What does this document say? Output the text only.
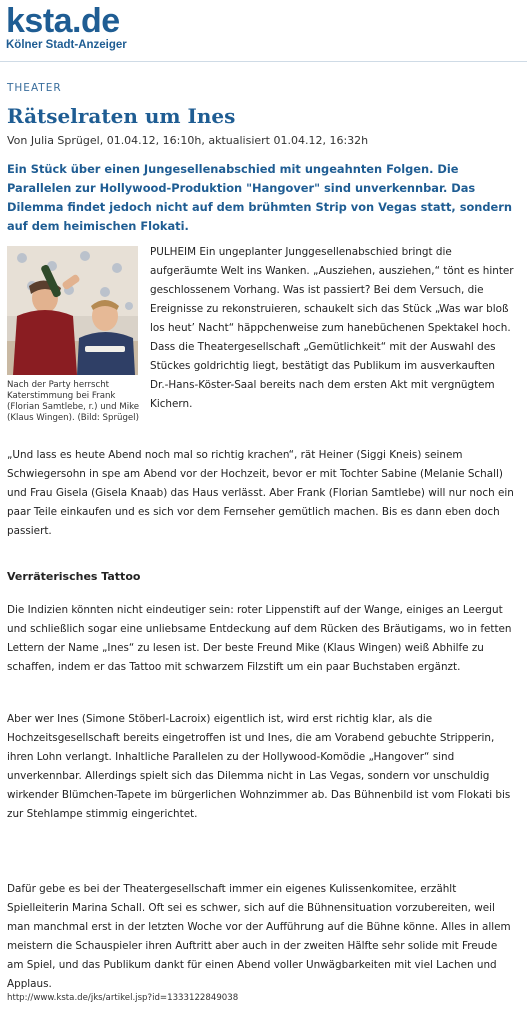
ksta.de
Kölner Stadt-Anzeiger
THEATER
Rätselraten um Ines
Von Julia Sprügel, 01.04.12, 16:10h, aktualisiert 01.04.12, 16:32h

Ein Stück über einen Jungesellenabschied mit ungeahnten Folgen. Die Parallelen zur Hollywood-Produktion "Hangover" sind unverkennbar. Das Dilemma findet jedoch nicht auf dem brühmten Strip von Vegas statt, sondern auf dem heimischen Flokati.

Nach der Party herrscht Katerstimmung bei Frank (Florian Samtlebe, r.) und Mike (Klaus Wingen). (Bild: Sprügel)

PULHEIM Ein ungeplanter Junggesellenabschied bringt die aufgeräumte Welt ins Wanken. „Ausziehen, ausziehen,“ tönt es hinter geschlossenem Vorhang. Was ist passiert? Bei dem Versuch, die Ereignisse zu rekonstruieren, schaukelt sich das Stück „Was war bloß los heut’ Nacht“ häppchenweise zum hanebüchenen Spektakel hoch. Dass die Theatergesellschaft „Gemütlichkeit“ mit der Auswahl des Stückes goldrichtig liegt, bestätigt das Publikum im ausverkauften Dr.-Hans-Köster-Saal bereits nach dem ersten Akt mit vergnügtem Kichern.

„Und lass es heute Abend noch mal so richtig krachen“, rät Heiner (Siggi Kneis) seinem Schwiegersohn in spe am Abend vor der Hochzeit, bevor er mit Tochter Sabine (Melanie Schall) und Frau Gisela (Gisela Knaab) das Haus verlässt. Aber Frank (Florian Samtlebe) will nur noch ein paar Teile einkaufen und es sich vor dem Fernseher gemütlich machen. Bis es dann eben doch passiert.

Verräterisches Tattoo

Die Indizien könnten nicht eindeutiger sein: roter Lippenstift auf der Wange, einiges an Leergut und schließlich sogar eine unliebsame Entdeckung auf dem Rücken des Bräutigams, wo in fetten Lettern der Name „Ines“ zu lesen ist. Der beste Freund Mike (Klaus Wingen) weiß Abhilfe zu schaffen, indem er das Tattoo mit schwarzem Filzstift um ein paar Buchstaben ergänzt.

Aber wer Ines (Simone Stöberl-Lacroix) eigentlich ist, wird erst richtig klar, als die Hochzeitsgesellschaft bereits eingetroffen ist und Ines, die am Vorabend gebuchte Stripperin, ihren Lohn verlangt. Inhaltliche Parallelen zu der Hollywood-Komödie „Hangover“ sind unverkennbar. Allerdings spielt sich das Dilemma nicht in Las Vegas, sondern vor unschuldig wirkender Blümchen-Tapete im bürgerlichen Wohnzimmer ab. Das Bühnenbild ist vom Flokati bis zur Stehlampe stimmig eingerichtet.

Dafür gebe es bei der Theatergesellschaft immer ein eigenes Kulissenkomitee, erzählt Spielleiterin Marina Schall. Oft sei es schwer, sich auf die Bühnensituation vorzubereiten, weil man manchmal erst in der letzten Woche vor der Aufführung auf die Bühne könne. Alles in allem meistern die Schauspieler ihren Auftritt aber auch in der zweiten Hälfte sehr solide mit Freude am Spiel, und das Publikum dankt für einen Abend voller Unwägbarkeiten mit viel Lachen und Applaus.

http://www.ksta.de/jks/artikel.jsp?id=1333122849038
